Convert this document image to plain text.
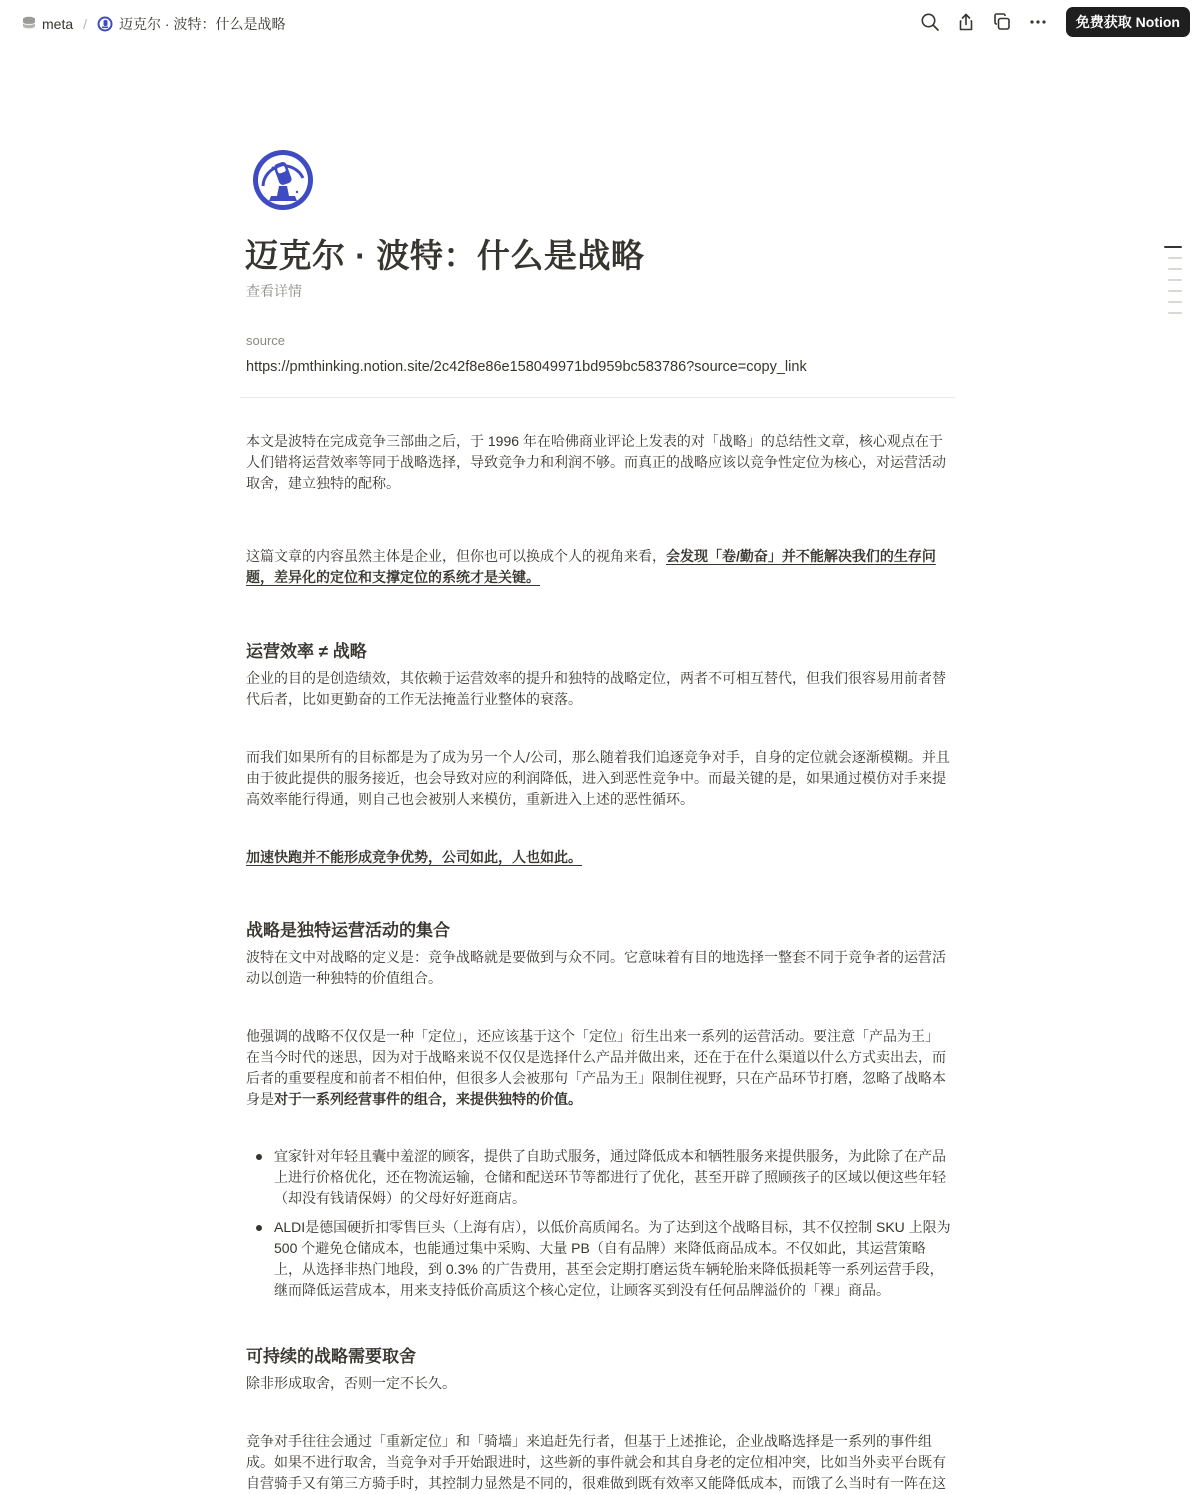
meta / 迈克尔 · 波特：什么是战略	免费获取 Notion
迈克尔 · 波特：什么是战略
查看详情
source
https://pmthinking.notion.site/2c42f8e86e158049971bd959bc583786?source=copy_link

本文是波特在完成竞争三部曲之后，于 1996 年在哈佛商业评论上发表的对「战略」的总结性文章，核心观点在于人们错将运营效率等同于战略选择，导致竞争力和利润不够。而真正的战略应该以竞争性定位为核心，对运营活动取舍，建立独特的配称。

这篇文章的内容虽然主体是企业，但你也可以换成个人的视角来看，会发现「卷/勤奋」并不能解决我们的生存问题，差异化的定位和支撑定位的系统才是关键。

运营效率 ≠ 战略

企业的目的是创造绩效，其依赖于运营效率的提升和独特的战略定位，两者不可相互替代，但我们很容易用前者替代后者，比如更勤奋的工作无法掩盖行业整体的衰落。

而我们如果所有的目标都是为了成为另一个人/公司，那么随着我们追逐竞争对手，自身的定位就会逐渐模糊。并且由于彼此提供的服务接近，也会导致对应的利润降低，进入到恶性竞争中。而最关键的是，如果通过模仿对手来提高效率能行得通，则自己也会被别人来模仿，重新进入上述的恶性循环。

加速快跑并不能形成竞争优势，公司如此，人也如此。

战略是独特运营活动的集合

波特在文中对战略的定义是：竞争战略就是要做到与众不同。它意味着有目的地选择一整套不同于竞争者的运营活动以创造一种独特的价值组合。

他强调的战略不仅仅是一种「定位」，还应该基于这个「定位」衍生出来一系列的运营活动。要注意「产品为王」在当今时代的迷思，因为对于战略来说不仅仅是选择什么产品并做出来，还在于在什么渠道以什么方式卖出去，而后者的重要程度和前者不相伯仲，但很多人会被那句「产品为王」限制住视野，只在产品环节打磨，忽略了战略本身是对于一系列经营事件的组合，来提供独特的价值。

宜家针对年轻且囊中羞涩的顾客，提供了自助式服务，通过降低成本和牺牲服务来提供服务，为此除了在产品上进行价格优化，还在物流运输，仓储和配送环节等都进行了优化，甚至开辟了照顾孩子的区域以便这些年轻（却没有钱请保姆）的父母好好逛商店。
ALDI是德国硬折扣零售巨头（上海有店），以低价高质闻名。为了达到这个战略目标，其不仅控制 SKU 上限为 500 个避免仓储成本，也能通过集中采购、大量 PB（自有品牌）来降低商品成本。不仅如此，其运营策略上，从选择非热门地段，到 0.3% 的广告费用，甚至会定期打磨运货车辆轮胎来降低损耗等一系列运营手段，继而降低运营成本，用来支持低价高质这个核心定位，让顾客买到没有任何品牌溢价的「裸」商品。
可持续的战略需要取舍

除非形成取舍，否则一定不长久。

竞争对手往往会通过「重新定位」和「骑墙」来追赶先行者，但基于上述推论，企业战略选择是一系列的事件组成。如果不进行取舍，当竞争对手开始跟进时，这些新的事件就会和其自身老的定位相冲突，比如当外卖平台既有自营骑手又有第三方骑手时，其控制力显然是不同的，很难做到既有效率又能降低成本，而饿了么当时有一阵在这
